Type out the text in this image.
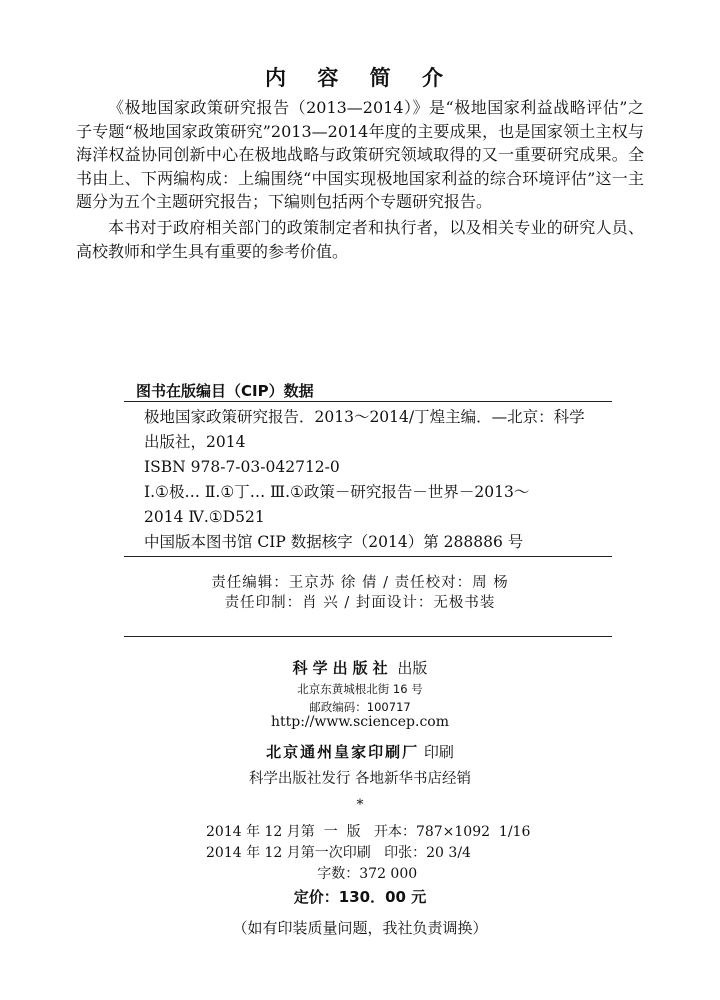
内 容 简 介

《极地国家政策研究报告（2013—2014）》是“极地国家利益战略评估”之子专题“极地国家政策研究”2013—2014年度的主要成果，也是国家领土主权与海洋权益协同创新中心在极地战略与政策研究领域取得的又一重要研究成果。全书由上、下两编构成：上编围绕“中国实现极地国家利益的综合环境评估”这一主题分为五个主题研究报告；下编则包括两个专题研究报告。

本书对于政府相关部门的政策制定者和执行者，以及相关专业的研究人员、高校教师和学生具有重要的参考价值。

图书在版编目（CIP）数据
极地国家政策研究报告．2013～2014/丁煌主编．—北京：科学
出版社，2014
ISBN 978-7-03-042712-0
Ⅰ.①极… Ⅱ.①丁… Ⅲ.①政策－研究报告－世界－2013～
2014 Ⅳ.①D521
中国版本图书馆 CIP 数据核字（2014）第 288886 号
责任编辑：王京苏 徐 倩 / 责任校对：周 杨
责任印制：肖 兴 / 封面设计：无极书装
科学出版社 出版
北京东黄城根北街 16 号
邮政编码：100717
http://www.sciencep.com
北京通州皇家印刷厂 印刷
科学出版社发行 各地新华书店经销
*
2014 年 12 月第  一  版   开本：787×1092  1/16
2014 年 12 月第一次印刷   印张：20 3/4
字数：372 000
定价：130．00 元
（如有印装质量问题，我社负责调换）
